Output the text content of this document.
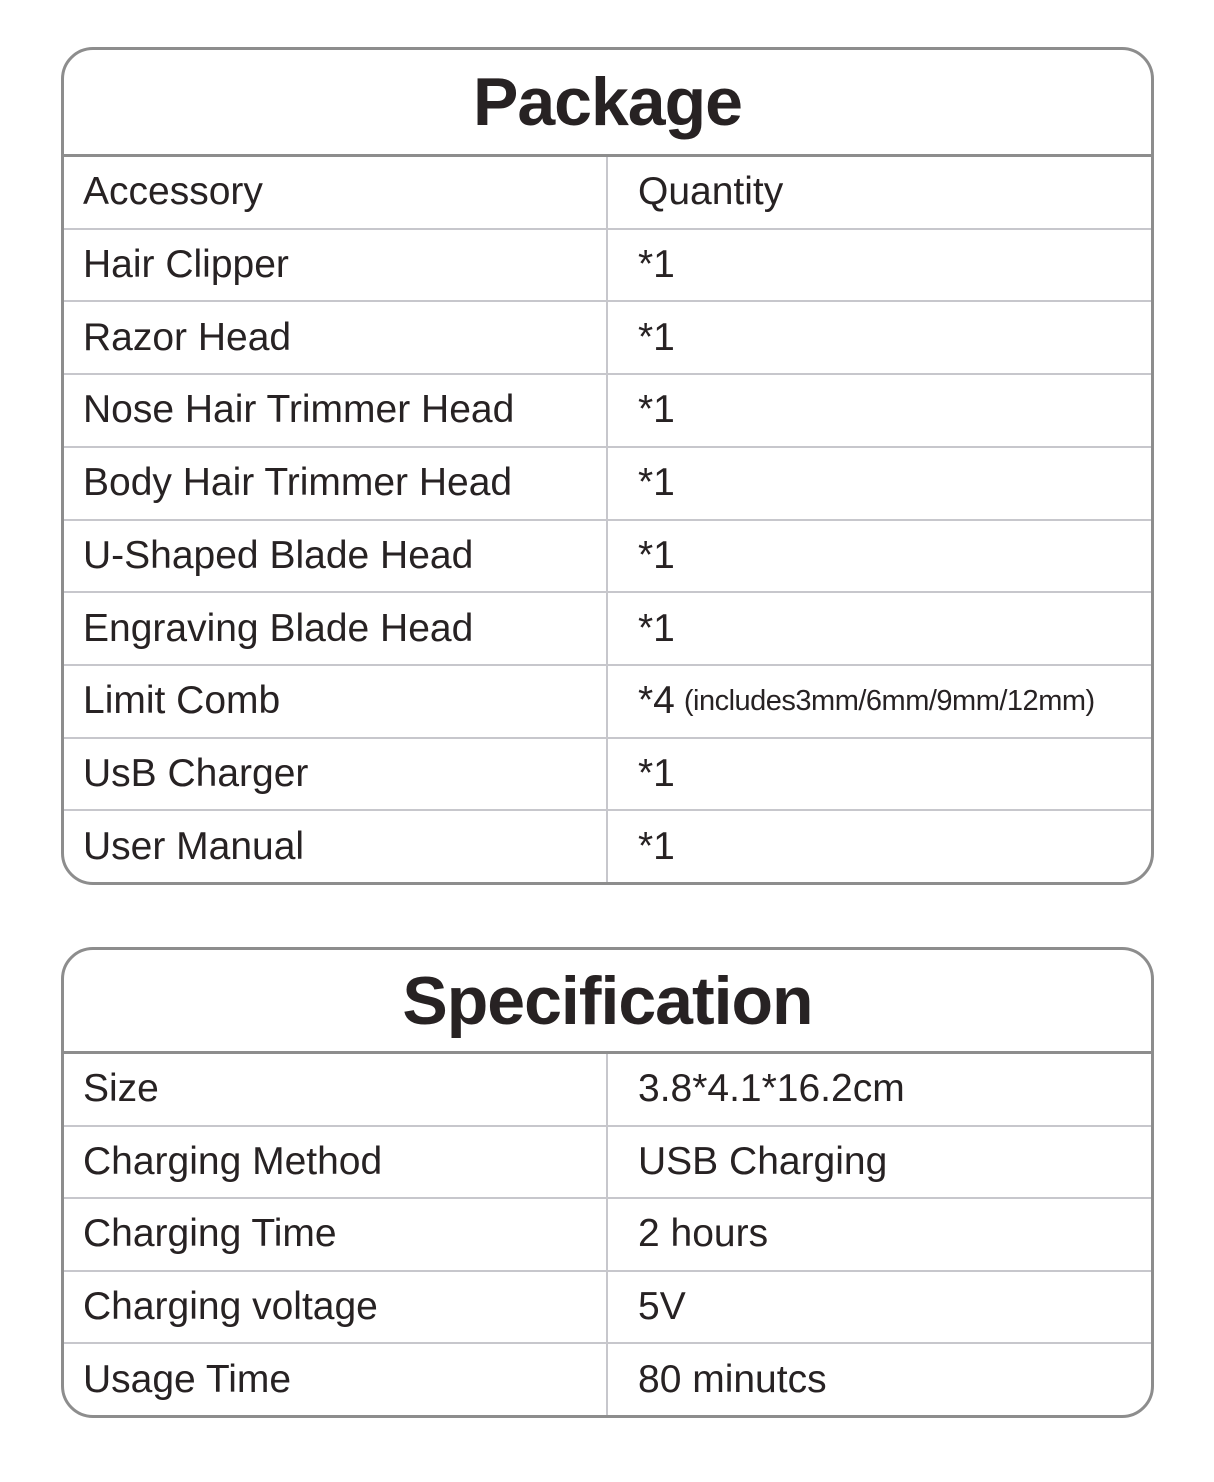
Package
Accessory	Quantity
Hair Clipper	*1
Razor Head	*1
Nose Hair Trimmer Head	*1
Body Hair Trimmer Head	*1
U-Shaped Blade Head	*1
Engraving Blade Head	*1
Limit Comb	*4 (includes3mm/6mm/9mm/12mm)
UsB Charger	*1
User Manual	*1
Specification
Size	3.8*4.1*16.2cm
Charging Method	USB Charging
Charging Time	2 hours
Charging voltage	5V
Usage Time	80 minutcs
